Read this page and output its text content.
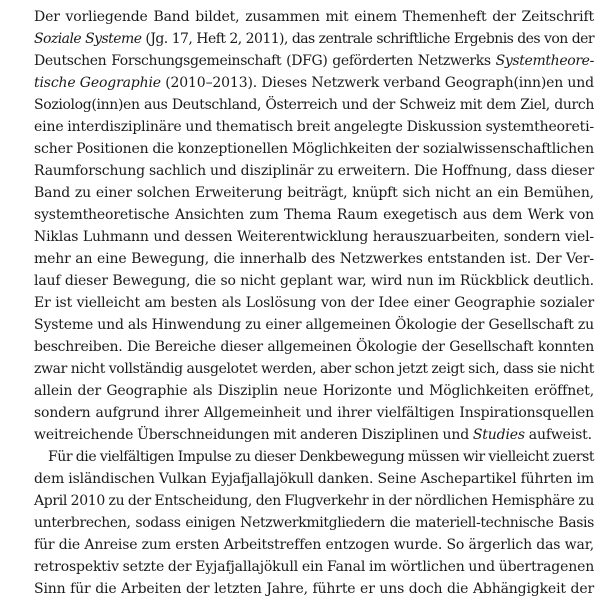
Der vorliegende Band bildet, zusammen mit einem Themenheft der Zeitschrift
Soziale Systeme (Jg. 17, Heft 2, 2011), das zentrale schriftliche Ergebnis des von der
Deutschen Forschungsgemeinschaft (DFG) geförderten Netzwerks Systemtheore-
tische Geographie (2010–2013). Dieses Netzwerk verband Geograph(inn)en und
Soziolog(inn)en aus Deutschland, Österreich und der Schweiz mit dem Ziel, durch
eine interdisziplinäre und thematisch breit angelegte Diskussion systemtheoreti-
scher Positionen die konzeptionellen Möglichkeiten der sozialwissenschaftlichen
Raumforschung sachlich und disziplinär zu erweitern. Die Hoffnung, dass dieser
Band zu einer solchen Erweiterung beiträgt, knüpft sich nicht an ein Bemühen,
systemtheoretische Ansichten zum Thema Raum exegetisch aus dem Werk von
Niklas Luhmann und dessen Weiterentwicklung herauszuarbeiten, sondern viel-
mehr an eine Bewegung, die innerhalb des Netzwerkes entstanden ist. Der Ver-
lauf dieser Bewegung, die so nicht geplant war, wird nun im Rückblick deutlich.
Er ist vielleicht am besten als Loslösung von der Idee einer Geographie sozialer
Systeme und als Hinwendung zu einer allgemeinen Ökologie der Gesellschaft zu
beschreiben. Die Bereiche dieser allgemeinen Ökologie der Gesellschaft konnten
zwar nicht vollständig ausgelotet werden, aber schon jetzt zeigt sich, dass sie nicht
allein der Geographie als Disziplin neue Horizonte und Möglichkeiten eröffnet,
sondern aufgrund ihrer Allgemeinheit und ihrer vielfältigen Inspirationsquellen
weitreichende Überschneidungen mit anderen Disziplinen und Studies aufweist.
Für die vielfältigen Impulse zu dieser Denkbewegung müssen wir vielleicht zuerst
dem isländischen Vulkan Eyjafjallajökull danken. Seine Aschepartikel führten im
April 2010 zu der Entscheidung, den Flugverkehr in der nördlichen Hemisphäre zu
unterbrechen, sodass einigen Netzwerkmitgliedern die materiell-technische Basis
für die Anreise zum ersten Arbeitstreffen entzogen wurde. So ärgerlich das war,
retrospektiv setzte der Eyjafjallajökull ein Fanal im wörtlichen und übertragenen
Sinn für die Arbeiten der letzten Jahre, führte er uns doch die Abhängigkeit der
